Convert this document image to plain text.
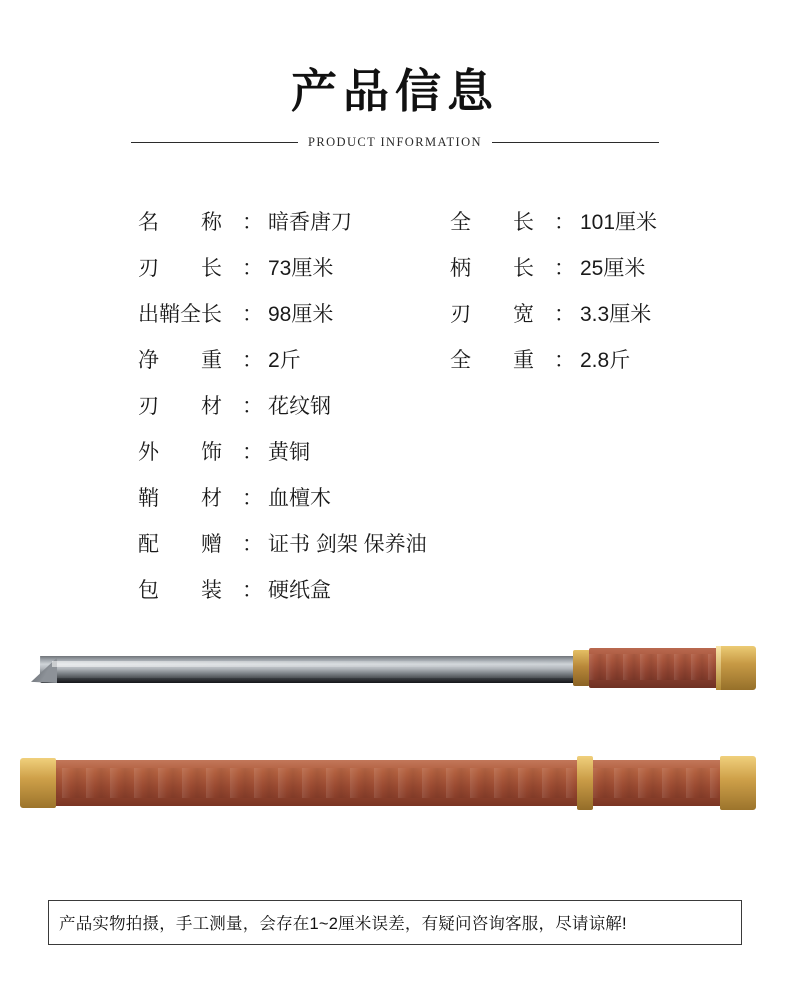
产品信息
PRODUCT INFORMATION
名　　称 ： 暗香唐刀	全　　长 ： 101厘米
刃　　长 ： 73厘米	柄　　长 ： 25厘米
出鞘全长 ： 98厘米	刃　　宽 ： 3.3厘米
净　　重 ： 2斤	全　　重 ： 2.8斤
刃　　材 ： 花纹钢
外　　饰 ： 黄铜
鞘　　材 ： 血檀木
配　　赠 ： 证书 剑架 保养油
包　　装 ： 硬纸盒
产品实物拍摄，手工测量，会存在1~2厘米误差，有疑问咨询客服，尽请谅解!
